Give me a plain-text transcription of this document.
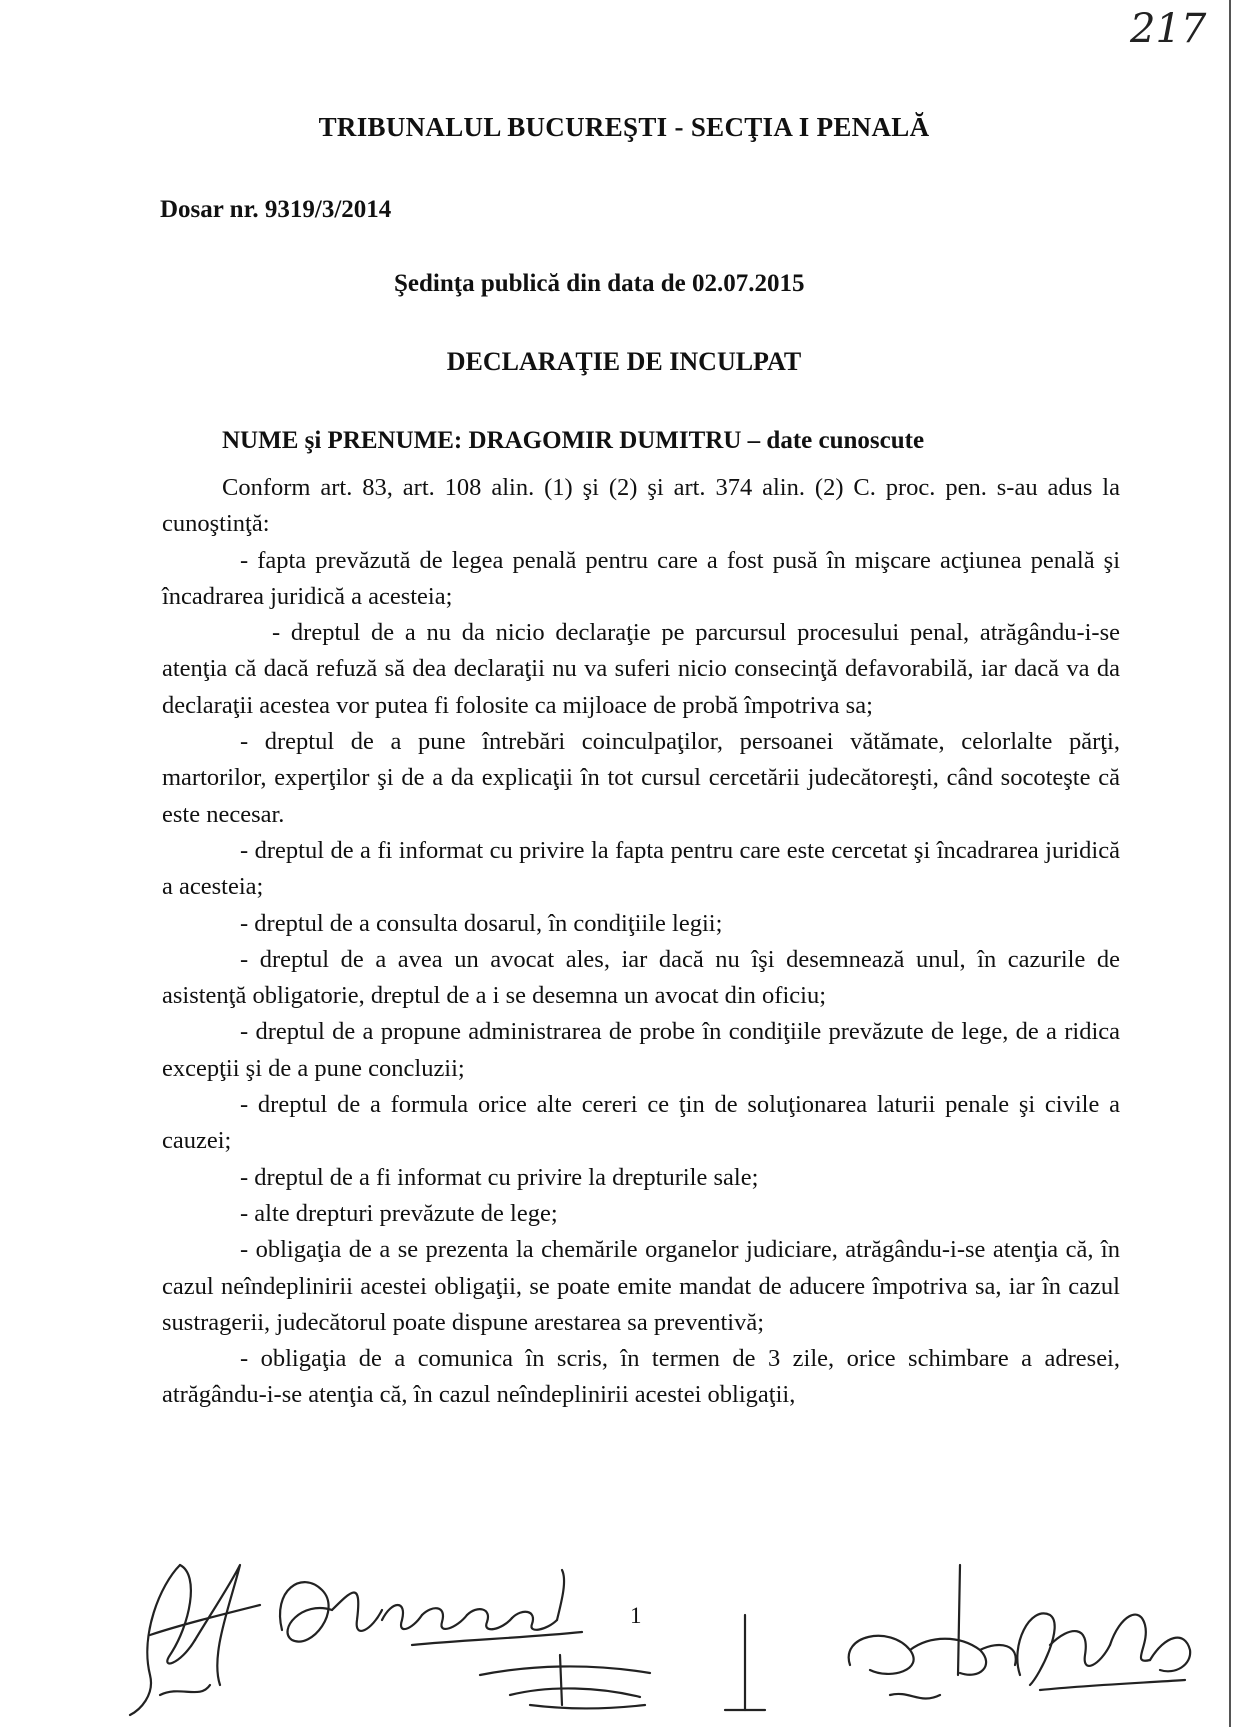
217
TRIBUNALUL BUCUREŞTI - SECŢIA I PENALĂ
Dosar nr. 9319/3/2014
Şedinţa publică din data de 02.07.2015
DECLARAŢIE DE INCULPAT
NUME şi PRENUME: DRAGOMIR DUMITRU – date cunoscute

Conform art. 83, art. 108 alin. (1) şi (2) şi art. 374 alin. (2) C. proc. pen. s-au adus la cunoştinţă:

- fapta prevăzută de legea penală pentru care a fost pusă în mişcare acţiunea penală şi încadrarea juridică a acesteia;

- dreptul de a nu da nicio declaraţie pe parcursul procesului penal, atrăgându-i-se atenţia că dacă refuză să dea declaraţii nu va suferi nicio consecinţă defavorabilă, iar dacă va da declaraţii acestea vor putea fi folosite ca mijloace de probă împotriva sa;

- dreptul de a pune întrebări coinculpaţilor, persoanei vătămate, celorlalte părţi, martorilor, experţilor şi de a da explicaţii în tot cursul cercetării judecătoreşti, când socoteşte că este necesar.

- dreptul de a fi informat cu privire la fapta pentru care este cercetat şi încadrarea juridică a acesteia;

- dreptul de a consulta dosarul, în condiţiile legii;

- dreptul de a avea un avocat ales, iar dacă nu îşi desemnează unul, în cazurile de asistenţă obligatorie, dreptul de a i se desemna un avocat din oficiu;

- dreptul de a propune administrarea de probe în condiţiile prevăzute de lege, de a ridica excepţii şi de a pune concluzii;

- dreptul de a formula orice alte cereri ce ţin de soluţionarea laturii penale şi civile a cauzei;

- dreptul de a fi informat cu privire la drepturile sale;

- alte drepturi prevăzute de lege;

- obligaţia de a se prezenta la chemările organelor judiciare, atrăgându-i-se atenţia că, în cazul neîndeplinirii acestei obligaţii, se poate emite mandat de aducere împotriva sa, iar în cazul sustragerii, judecătorul poate dispune arestarea sa preventivă;

- obligaţia de a comunica în scris, în termen de 3 zile, orice schimbare a adresei, atrăgându-i-se atenţia că, în cazul neîndeplinirii acestei obligaţii,

1
